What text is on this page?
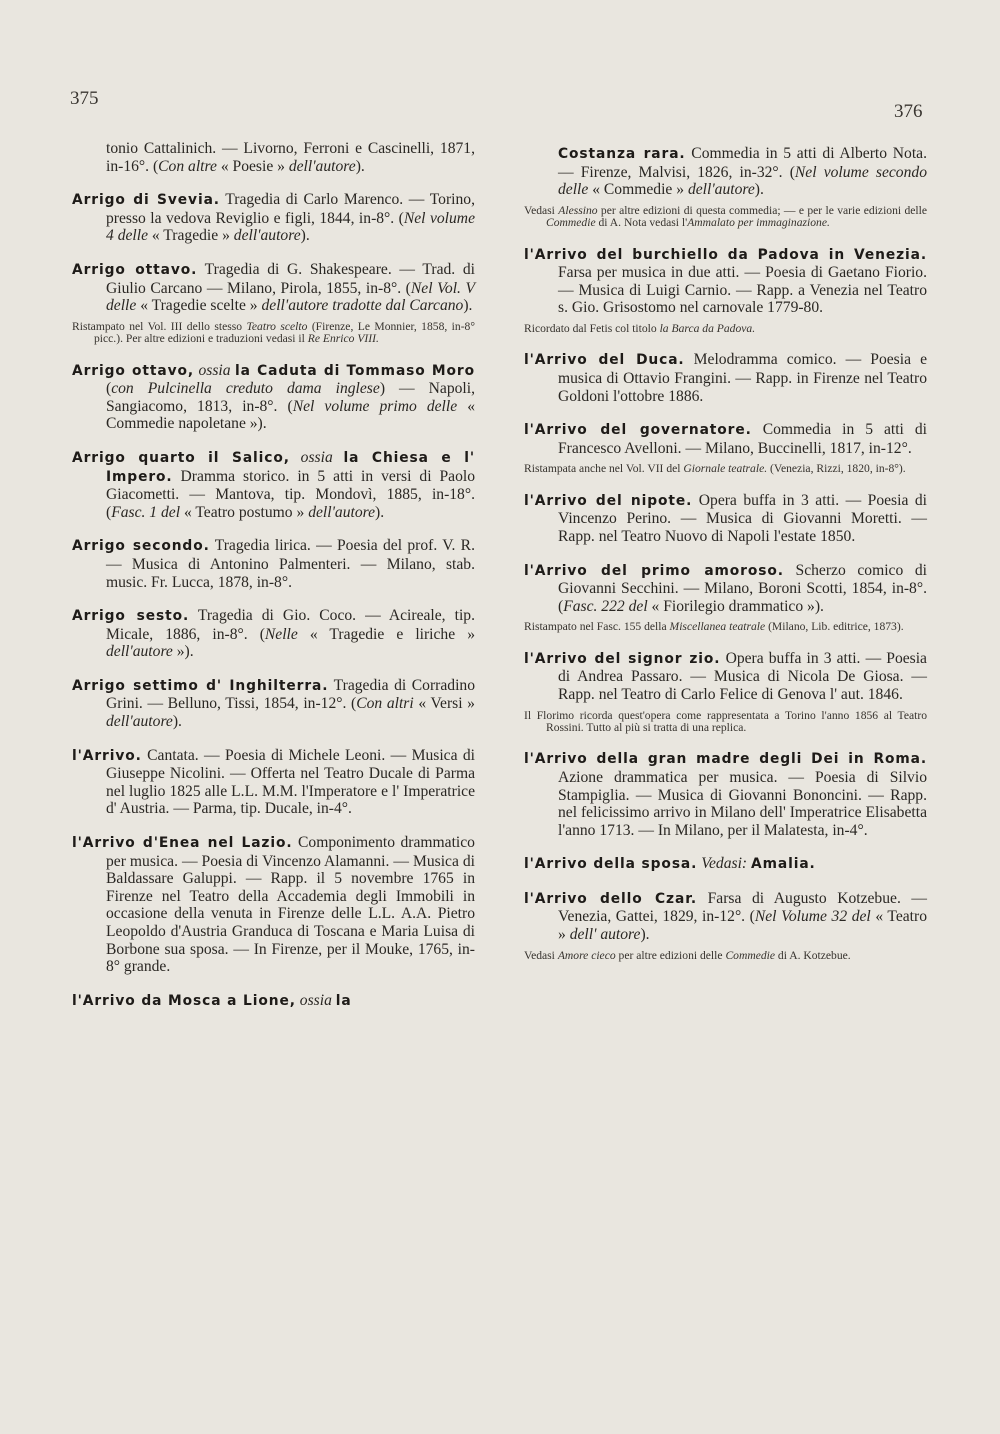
375
376
tonio Cattalinich. — Livorno, Ferroni e Cascinelli, 1871, in-16°. (Con altre « Poesie » dell'autore).
Arrigo di Svevia. Tragedia di Carlo Marenco. — Torino, presso la vedova Reviglio e figli, 1844, in-8°. (Nel volume 4 delle « Tragedie » dell'autore).
Arrigo ottavo. Tragedia di G. Shakespeare. — Trad. di Giulio Carcano — Milano, Pirola, 1855, in-8°. (Nel Vol. V delle « Tragedie scelte » dell'autore tradotte dal Carcano).
Ristampato nel Vol. III dello stesso Teatro scelto (Firenze, Le Monnier, 1858, in-8° picc.). Per altre edizioni e traduzioni vedasi il Re Enrico VIII.
Arrigo ottavo, ossia la Caduta di Tommaso Moro (con Pulcinella creduto dama inglese) — Napoli, Sangiacomo, 1813, in-8°. (Nel volume primo delle « Commedie napoletane »).
Arrigo quarto il Salico, ossia la Chiesa e l' Impero. Dramma storico. in 5 atti in versi di Paolo Giacometti. — Mantova, tip. Mondovì, 1885, in-18°. (Fasc. 1 del « Teatro postumo » dell'autore).
Arrigo secondo. Tragedia lirica. — Poesia del prof. V. R. — Musica di Antonino Palmenteri. — Milano, stab. music. Fr. Lucca, 1878, in-8°.
Arrigo sesto. Tragedia di Gio. Coco. — Acireale, tip. Micale, 1886, in-8°. (Nelle « Tragedie e liriche » dell'autore »).
Arrigo settimo d' Inghilterra. Tragedia di Corradino Grini. — Belluno, Tissi, 1854, in-12°. (Con altri « Versi » dell'autore).
l'Arrivo. Cantata. — Poesia di Michele Leoni. — Musica di Giuseppe Nicolini. — Offerta nel Teatro Ducale di Parma nel luglio 1825 alle L.L. M.M. l'Imperatore e l' Imperatrice d' Austria. — Parma, tip. Ducale, in-4°.
l'Arrivo d'Enea nel Lazio. Componimento drammatico per musica. — Poesia di Vincenzo Alamanni. — Musica di Baldassare Galuppi. — Rapp. il 5 novembre 1765 in Firenze nel Teatro della Accademia degli Immobili in occasione della venuta in Firenze delle L.L. A.A. Pietro Leopoldo d'Austria Granduca di Toscana e Maria Luisa di Borbone sua sposa. — In Firenze, per il Mouke, 1765, in-8° grande.
l'Arrivo da Mosca a Lione, ossia la
Costanza rara. Commedia in 5 atti di Alberto Nota. — Firenze, Malvisi, 1826, in-32°. (Nel volume secondo delle « Commedie » dell'autore).
Vedasi Alessino per altre edizioni di questa commedia; — e per le varie edizioni delle Commedie di A. Nota vedasi l'Ammalato per immaginazione.
l'Arrivo del burchiello da Padova in Venezia. Farsa per musica in due atti. — Poesia di Gaetano Fiorio. — Musica di Luigi Carnio. — Rapp. a Venezia nel Teatro s. Gio. Grisostomo nel carnovale 1779-80.
Ricordato dal Fetis col titolo la Barca da Padova.
l'Arrivo del Duca. Melodramma comico. — Poesia e musica di Ottavio Frangini. — Rapp. in Firenze nel Teatro Goldoni l'ottobre 1886.
l'Arrivo del governatore. Commedia in 5 atti di Francesco Avelloni. — Milano, Buccinelli, 1817, in-12°.
Ristampata anche nel Vol. VII del Giornale teatrale. (Venezia, Rizzi, 1820, in-8°).
l'Arrivo del nipote. Opera buffa in 3 atti. — Poesia di Vincenzo Perino. — Musica di Giovanni Moretti. — Rapp. nel Teatro Nuovo di Napoli l'estate 1850.
l'Arrivo del primo amoroso. Scherzo comico di Giovanni Secchini. — Milano, Boroni Scotti, 1854, in-8°. (Fasc. 222 del « Fiorilegio drammatico »).
Ristampato nel Fasc. 155 della Miscellanea teatrale (Milano, Lib. editrice, 1873).
l'Arrivo del signor zio. Opera buffa in 3 atti. — Poesia di Andrea Passaro. — Musica di Nicola De Giosa. — Rapp. nel Teatro di Carlo Felice di Genova l' aut. 1846.
Il Florimo ricorda quest'opera come rappresentata a Torino l'anno 1856 al Teatro Rossini. Tutto al più si tratta di una replica.
l'Arrivo della gran madre degli Dei in Roma. Azione drammatica per musica. — Poesia di Silvio Stampiglia. — Musica di Giovanni Bononcini. — Rapp. nel felicissimo arrivo in Milano dell' Imperatrice Elisabetta l'anno 1713. — In Milano, per il Malatesta, in-4°.
l'Arrivo della sposa. Vedasi: Amalia.
l'Arrivo dello Czar. Farsa di Augusto Kotzebue. — Venezia, Gattei, 1829, in-12°. (Nel Volume 32 del « Teatro » dell' autore).
Vedasi Amore cieco per altre edizioni delle Commedie di A. Kotzebue.
